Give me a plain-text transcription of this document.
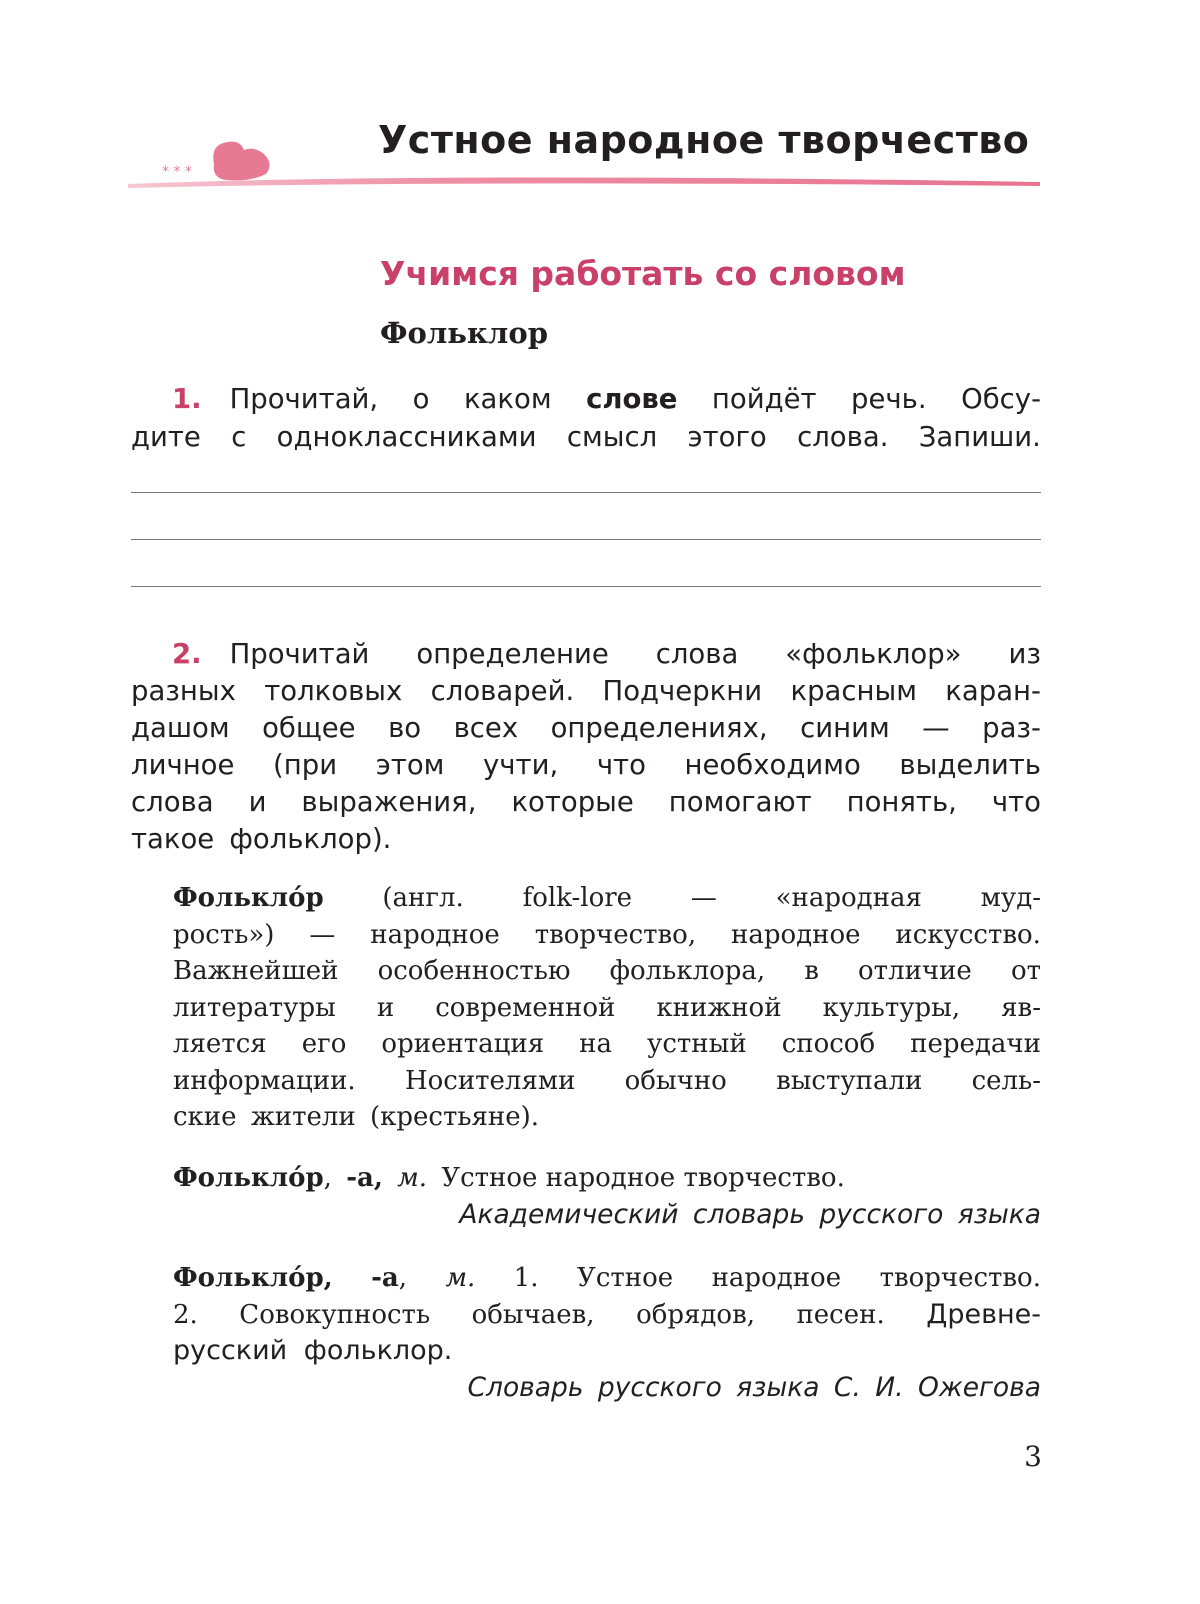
* * *
Устное народное творчество
Учимся работать со словом
Фольклор
1. Прочитай, о каком слове пойдёт речь. Обсу-
дите с одноклассниками смысл этого слова. Запиши.
2. Прочитай определение слова «фольклор» из
разных толковых словарей. Подчеркни красным каран-
дашом общее во всех определениях, синим — раз-
личное (при этом учти, что необходимо выделить
слова и выражения, которые помогают понять, что
такое фольклор).
Фольклóр (англ. folk-lore — «народная муд-
рость») — народное творчество, народное искусство.
Важнейшей особенностью фольклора, в отличие от
литературы и современной книжной культуры, яв-
ляется его ориентация на устный способ передачи
информации. Носителями обычно выступали сель-
ские жители (крестьяне).
Фольклóр, -а, м. Устное народное творчество.
Академический словарь русского языка
Фольклóр, -а, м. 1. Устное народное творчество.
2. Совокупность обычаев, обрядов, песен. Древне-
русский фольклор.
Словарь русского языка С. И. Ожегова
3
